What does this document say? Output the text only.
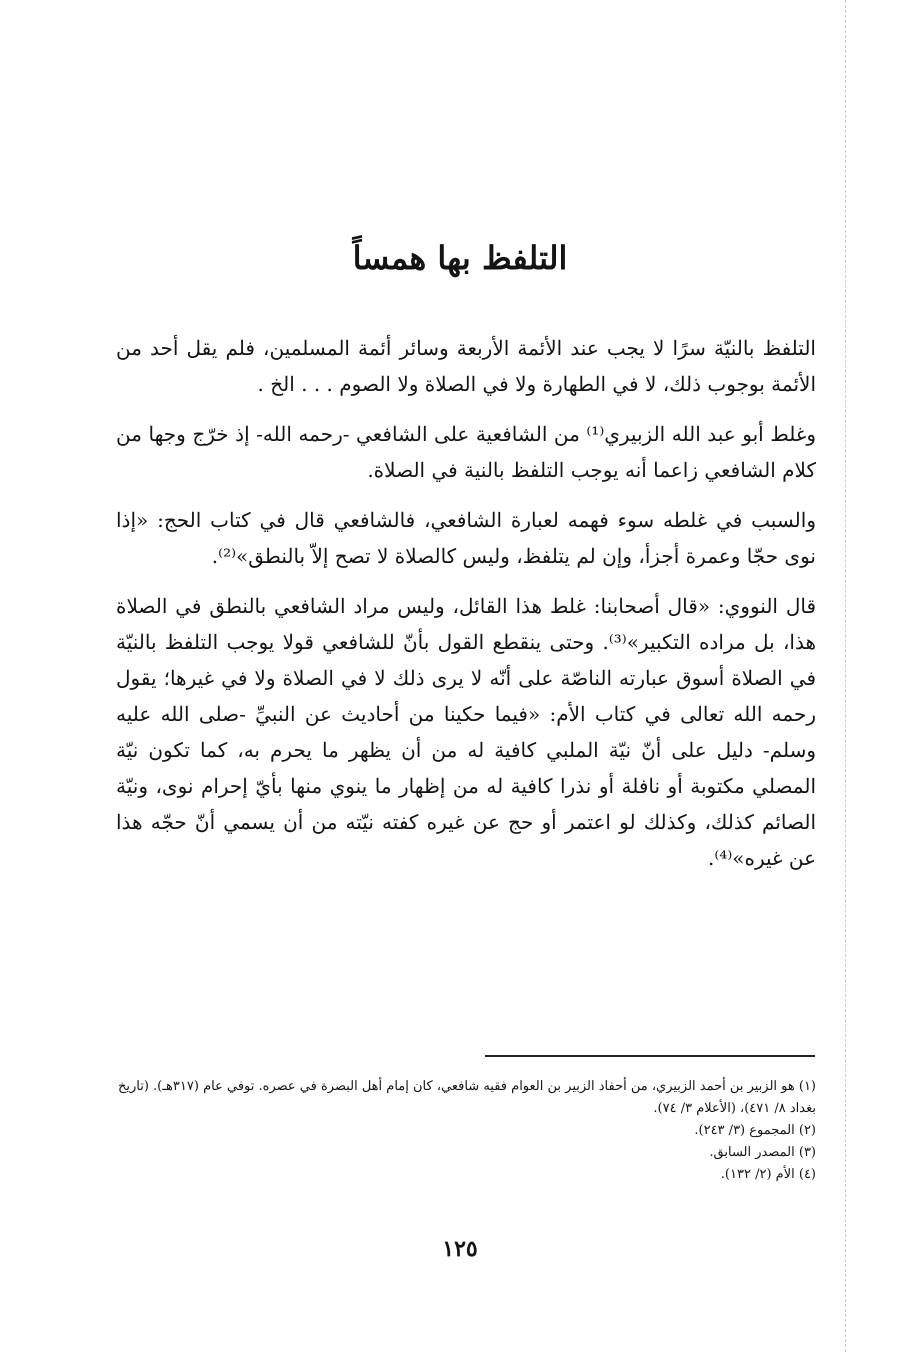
التلفظ بها همساً

التلفظ بالنيّة سرًا لا يجب عند الأئمة الأربعة وسائر أئمة المسلمين، فلم يقل أحد من الأئمة بوجوب ذلك، لا في الطهارة ولا في الصلاة ولا الصوم . . . الخ .

وغلط أبو عبد الله الزبيري⁽¹⁾ من الشافعية على الشافعي -رحمه الله- إذ خرّج وجها من كلام الشافعي زاعما أنه يوجب التلفظ بالنية في الصلاة.

والسبب في غلطه سوء فهمه لعبارة الشافعي، فالشافعي قال في كتاب الحج: «إذا نوى حجّا وعمرة أجزأ، وإن لم يتلفظ، وليس كالصلاة لا تصح إلاّ بالنطق»⁽²⁾.

قال النووي: «قال أصحابنا: غلط هذا القائل، وليس مراد الشافعي بالنطق في الصلاة هذا، بل مراده التكبير»⁽³⁾. وحتى ينقطع القول بأنّ للشافعي قولا يوجب التلفظ بالنيّة في الصلاة أسوق عبارته الناصّة على أنّه لا يرى ذلك لا في الصلاة ولا في غيرها؛ يقول رحمه الله تعالى في كتاب الأم: «فيما حكينا من أحاديث عن النبيِّ -صلى الله عليه وسلم- دليل على أنّ نيّة الملبي كافية له من أن يظهر ما يحرم به، كما تكون نيّة المصلي مكتوبة أو نافلة أو نذرا كافية له من إظهار ما ينوي منها بأيّ إحرام نوى، ونيّة الصائم كذلك، وكذلك لو اعتمر أو حج عن غيره كفته نيّته من أن يسمي أنّ حجّه هذا عن غيره»⁽⁴⁾.

(١) هو الزبير بن أحمد الزبيري، من أحفاد الزبير بن العوام فقيه شافعي، كان إمام أهل البصرة في عصره. توفي عام (٣١٧هـ). (تاريخ بغداد ٨/ ٤٧١)، (الأعلام ٣/ ٧٤).

(٢) المجموع (٣/ ٢٤٣).

(٣) المصدر السابق.

(٤) الأم (٢/ ١٣٢).

١٢٥
